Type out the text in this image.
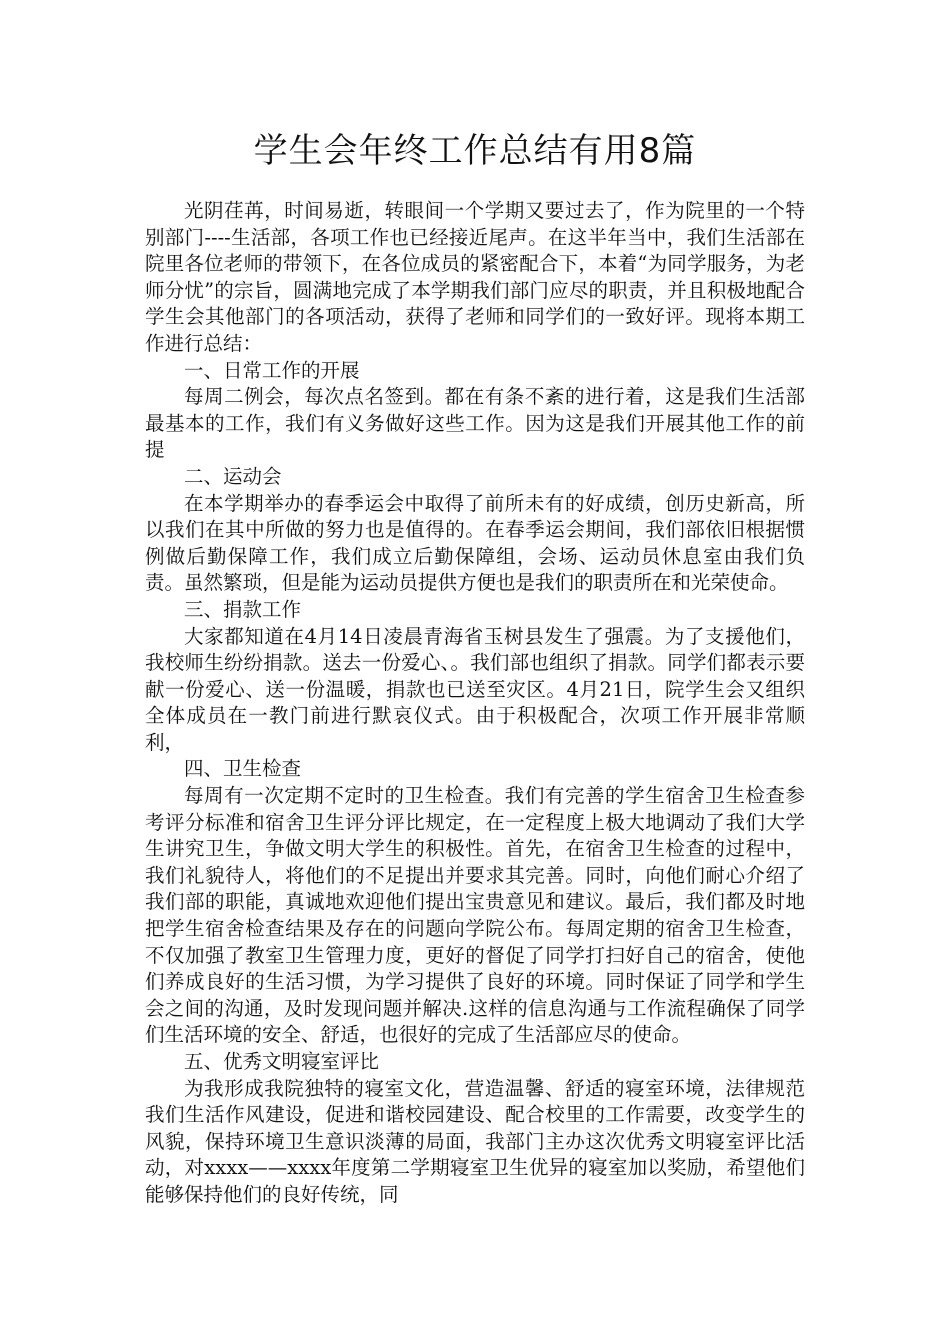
学生会年终工作总结有用8篇

光阴荏苒，时间易逝，转眼间一个学期又要过去了，作为院里的一个特别部门----生活部，各项工作也已经接近尾声。在这半年当中，我们生活部在院里各位老师的带领下，在各位成员的紧密配合下，本着“为同学服务，为老师分忧”的宗旨，圆满地完成了本学期我们部门应尽的职责，并且积极地配合学生会其他部门的各项活动，获得了老师和同学们的一致好评。现将本期工作进行总结：

一、日常工作的开展

每周二例会，每次点名签到。都在有条不紊的进行着，这是我们生活部最基本的工作，我们有义务做好这些工作。因为这是我们开展其他工作的前提

二、运动会

在本学期举办的春季运会中取得了前所未有的好成绩，创历史新高，所以我们在其中所做的努力也是值得的。在春季运会期间，我们部依旧根据惯例做后勤保障工作，我们成立后勤保障组，会场、运动员休息室由我们负责。虽然繁琐，但是能为运动员提供方便也是我们的职责所在和光荣使命。

三、捐款工作

大家都知道在4月14日凌晨青海省玉树县发生了强震。为了支援他们，我校师生纷纷捐款。送去一份爱心、。我们部也组织了捐款。同学们都表示要献一份爱心、送一份温暖，捐款也已送至灾区。4月21日，院学生会又组织全体成员在一教门前进行默哀仪式。由于积极配合，次项工作开展非常顺利，

四、卫生检查

每周有一次定期不定时的卫生检查。我们有完善的学生宿舍卫生检查参考评分标准和宿舍卫生评分评比规定，在一定程度上极大地调动了我们大学生讲究卫生，争做文明大学生的积极性。首先，在宿舍卫生检查的过程中，我们礼貌待人，将他们的不足提出并要求其完善。同时，向他们耐心介绍了我们部的职能，真诚地欢迎他们提出宝贵意见和建议。最后，我们都及时地把学生宿舍检查结果及存在的问题向学院公布。每周定期的宿舍卫生检查，不仅加强了教室卫生管理力度，更好的督促了同学打扫好自己的宿舍，使他们养成良好的生活习惯，为学习提供了良好的环境。同时保证了同学和学生会之间的沟通，及时发现问题并解决.这样的信息沟通与工作流程确保了同学们生活环境的安全、舒适，也很好的完成了生活部应尽的使命。

五、优秀文明寝室评比

为我形成我院独特的寝室文化，营造温馨、舒适的寝室环境，法律规范我们生活作风建设，促进和谐校园建设、配合校里的工作需要，改变学生的风貌，保持环境卫生意识淡薄的局面，我部门主办这次优秀文明寝室评比活动，对xxxx——xxxx年度第二学期寝室卫生优异的寝室加以奖励，希望他们能够保持他们的良好传统，同
